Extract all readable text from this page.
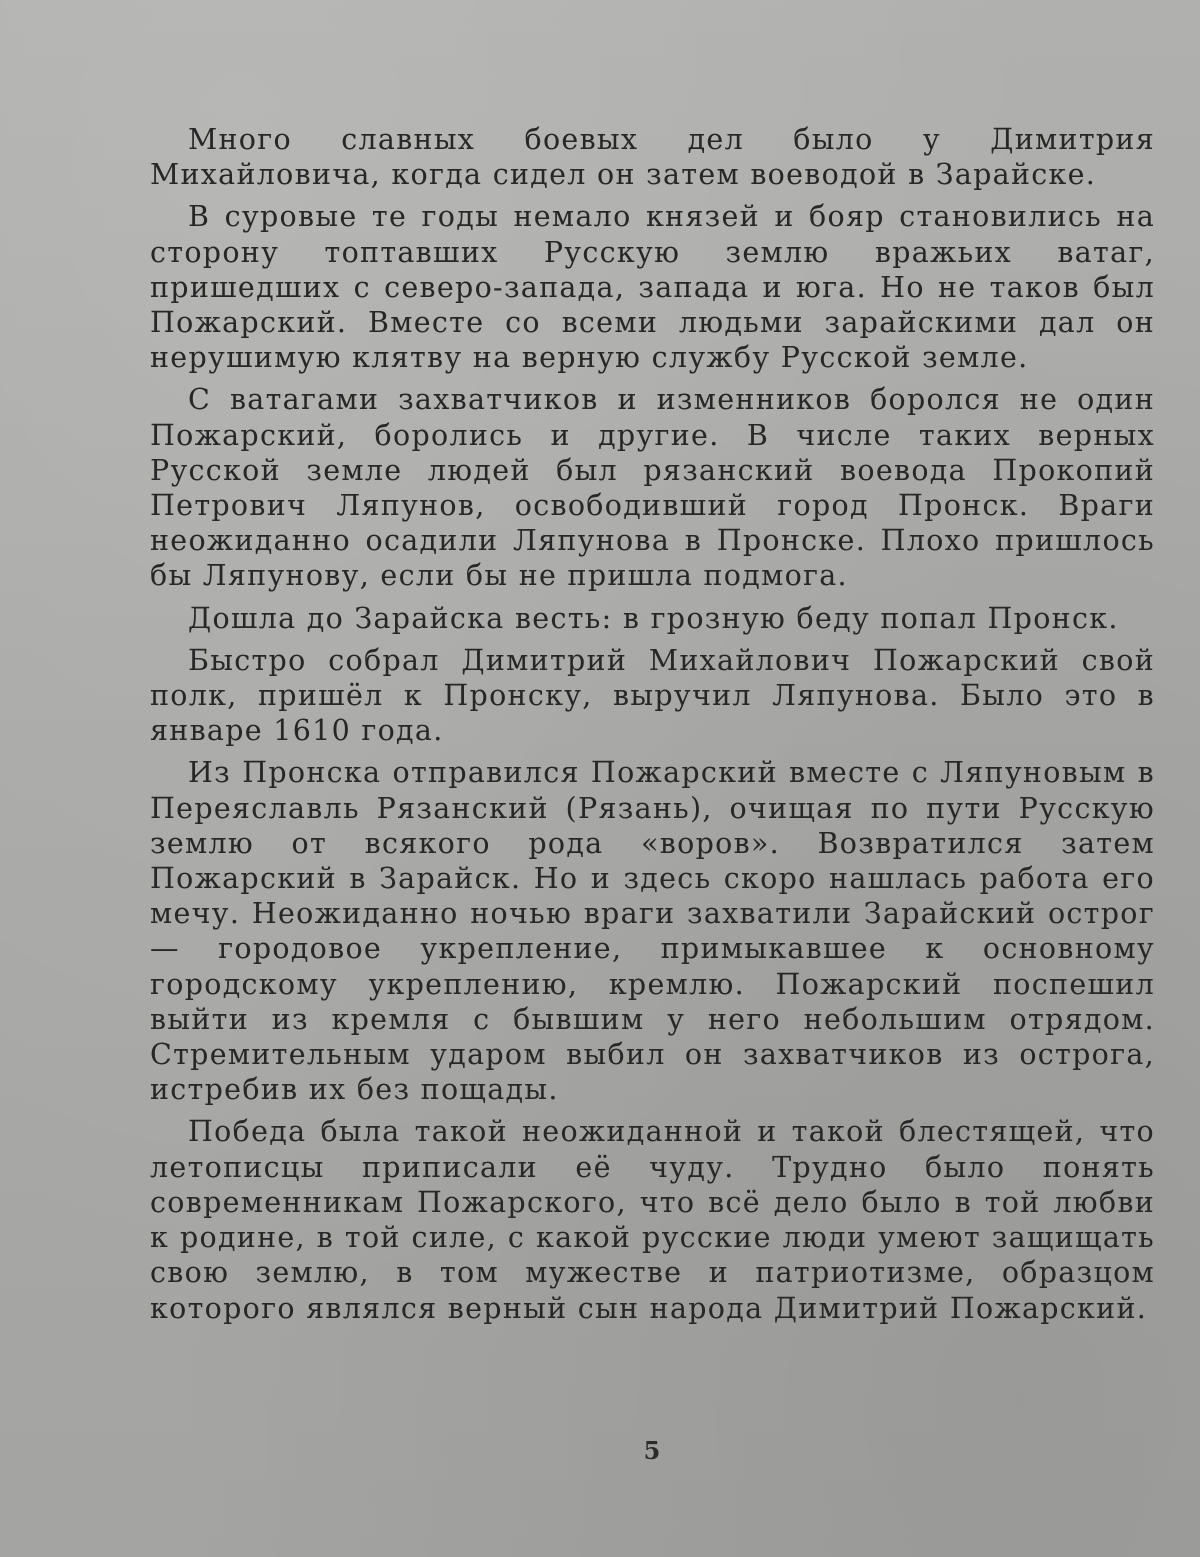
Много славных боевых дел было у Димитрия Михайловича, когда сидел он затем воеводой в Зарайске.

В суровые те годы немало князей и бояр становились на сторону топтавших Русскую землю вражьих ватаг, пришедших с северо-запада, запада и юга. Но не таков был Пожарский. Вместе со всеми людьми зарайскими дал он нерушимую клятву на верную службу Русской земле.

С ватагами захватчиков и изменников боролся не один Пожарский, боролись и другие. В числе таких верных Русской земле людей был рязанский воевода Прокопий Петрович Ляпунов, освободивший город Пронск. Враги неожиданно осадили Ляпунова в Пронске. Плохо пришлось бы Ляпунову, если бы не пришла подмога.

Дошла до Зарайска весть: в грозную беду попал Пронск.

Быстро собрал Димитрий Михайлович Пожарский свой полк, пришёл к Пронску, выручил Ляпунова. Было это в январе 1610 года.

Из Пронска отправился Пожарский вместе с Ляпуновым в Переяславль Рязанский (Рязань), очищая по пути Русскую землю от всякого рода «воров». Возвратился затем Пожарский в Зарайск. Но и здесь скоро нашлась работа его мечу. Неожиданно ночью враги захватили Зарайский острог — городовое укрепление, примыкавшее к основному городскому укреплению, кремлю. Пожарский поспешил выйти из кремля с бывшим у него небольшим отрядом. Стремительным ударом выбил он захватчиков из острога, истребив их без пощады.

Победа была такой неожиданной и такой блестящей, что летописцы приписали её чуду. Трудно было понять современникам Пожарского, что всё дело было в той любви к родине, в той силе, с какой русские люди умеют защищать свою землю, в том мужестве и патриотизме, образцом которого являлся верный сын народа Димитрий Пожарский.

5
